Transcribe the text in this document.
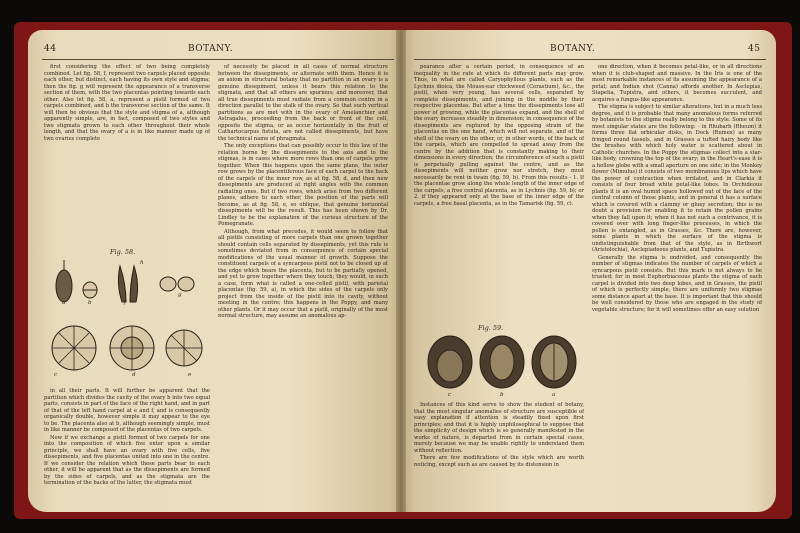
44	BOTANY.

first considering the effect of two being completely combined. Let fig. 58, f, represent two carpels placed opposite each other, but distinct, each having its own style and stigma; then the fig. g will represent the appearance of a transverse section of them, with the two placentas pointing towards each other. Also let fig. 58, a, represent a pistil formed of two carpels combined, and b the transverse section of the same. It will then be obvious that the style and stigma of a, although apparently simple, are, in fact, composed of two styles and two stigmata grown to each other throughout their whole length, and that the ovary of a is in like manner made up of two ovaries complete

Fig. 58.
a	b
c	d	e
f
g
h

in all their parts. It will further be apparent that the partition which divides the cavity of the ovary b into two equal parts, consists in part of the face of the right hand, and in part of that of the left hand carpel at e and f, and is consequently organically double, however simple it may appear to the eye to be. The placenta also at b, although seemingly simple, must in like manner be composed of the placentas of two carpels.

Now if we exchange a pistil formed of two carpels for one into the composition of which five enter upon a similar principle, we shall have an ovary with five cells, five dissepiments, and five placentas united into one in the centre. If we consider the relation which these parts bear to each other, it will be apparent that as the dissepiments are formed by the sides of carpels, and as the stigmata are the termination of the backs of the latter, the stigmata must

of necessity be placed in all cases of normal structure between the dissepiments, or alternate with them. Hence it is an axiom in structural botany that no partition in an ovary is a genuine dissepiment, unless it bears this relation to the stigmata, and that all others are spurious; and moreover, that all true dissepiments must radiate from a common centre in a direction parallel to the stalk of the ovary. So that such vertical partitions as are met with in the ovary of Amelanchier and Astragalus, proceeding from the back or front of the cell, opposite the stigma, or as occur horizontally in the fruit of Cathartocarpus fistula, are not called dissepiments, but have the technical name of phragmata.

The only exceptions that can possibly occur to this law of the relation borne by the dissepiments to the axis and to the stigmas, is in cases where more rows than one of carpels grow together. When this happens upon the same plane, the outer row grows by the placentiferous face of each carpel to the back of the carpels of the inner row, as at fig. 58, d, and then new dissepiments are produced at right angles with the common radiating ones. But if two rows, which arise from two different planes, adhere to each other, the position of the parts will become, as at fig. 58, e, so oblique, that genuine horizontal dissepiments will be the result. This has been shown by Dr. Lindley to be the explanation of the curious structure of the Pomegranate.

Although, from what precedes, it would seem to follow that all pistils consisting of more carpels than one grown together should contain cells separated by dissepiments, yet this rule is sometimes deviated from in consequence of certain special modifications of the usual manner of growth. Suppose the constituent carpels of a syncarpous pistil not to be closed up at the edge which bears the placenta, but to be partially opened, and yet to grow together where they touch; they would, in such a case, form what is called a one-celled pistil, with parietal placentae (fig. 59, a), in which the sides of the carpels only project from the inside of the pistil into its cavity, without meeting in the centre; this happens in the Poppy, and many other plants. Or it may occur that a pistil, originally of the most normal structure, may assume an anomalous ap-

BOTANY.	45

pearance after a certain period, in consequence of an inequality in the rate at which its different parts may grow. Thus, in what are called Caryophyllous plants, such as the Lychnis dioica, the Mouse-ear chickweed (Cerastium), &c., the pistil, when very young, has several cells, separated by complete dissepiments, and joining in the middle by their respective placentas. But after a time the dissepiments lose all power of growing, while the placentas expand, and the shell of the ovary increases steadily in dimension; in consequence of the dissepiments are ruptured by the opposing strain of the placentas on the one hand, which will not separate, and of the shell of the ovary on the other, or, in other words, of the back of the carpels, which are compelled to spread away from the centre by the addition that is constantly making to their dimensions in every direction; the circumference of such a pistil is perpetually pulling against the centre, and as the dissepiments will neither grow nor stretch, they must necessarily be rent in twain (fig. 59, b). From this results - 1. If the placentae grow along the whole length of the inner edge of the carpels, a free central placenta, as in Lychnis (fig. 59, b); or 2. if they appeared only at the base of the inner edge of the carpels, a free basal placenta, as in the Tamarisk (fig. 59, c).

Fig. 59.
c	b	a

Instances of this kind serve to show the student of botany, that the most singular anomalies of structure are susceptible of easy explanation if attention is steadily fixed upon first principles; and that it is highly unphilosophical to suppose that the simplicity of design which is so generally manifested in the works of nature, is departed from in certain special cases, merely because we may be unable rightly to understand them without reflection.

There are few modifications of the style which are worth noticing, except such as are caused by its distension in

one direction, when it becomes petal-like, or in all directions when it is club-shaped and massive. In the Iris is one of the most remarkable instances of its assuming the appearance of a petal; and Indian shot (Canna) affords another. In Asclepias, Stapelia, Tupistra, and others, it becomes succulent, and acquires a fungus-like appearance.

The stigma is subject to similar alterations, but in a much less degree, and it is probable that many anomalous forms referred by botanists to the stigma really belong to the style. Some of its most singular states are the following: - in Rhubarb (Rheum) it forms three flat orbicular disks, in Dock (Rumex) as many fringed round tassels, and in Grasses a tufted hairy body like the brushes with which holy water is scattered about in Catholic churches. In the Poppy the stigmas collect into a star-like body, crowning the top of the ovary; in the Heart's-ease it is a hollow globe with a small aperture on one side; in the Monkey flower (Mimulus) it consists of two membranous lips which have the power of contraction when irritated, and in Clarkia it consists of four broad white petal-like lobes. In Orchideous plants it is an oval humid space hollowed out of the face of the central column of those plants, and in general it has a surface which is covered with a clammy or gluey secretion; this is no doubt a provision for enabling it to retain the pollen grains when they fall upon it; when it has not such a contrivance, it is covered over with long finger-like processes, in which the pollen is entangled, as in Grasses, &c. There are, however, some plants in which the surface of the stigma is undistinguishable from that of the style, as in Birthwort (Aristolochia), Asclepiadeous plants, and Tupistra.

Generally the stigma is undivided, and consequently the number of stigmas indicates the number of carpels of which a syncarpous pistil consists. But this mark is not always to be trusted; for in most Euphorbiaceous plants the stigma of each carpel is divided into two deep lobes, and in Grasses, the pistil of which is perfectly simple, there are uniformly two stigmas some distance apart at the base. It is important that this should be well considered by those who are engaged in the study of vegetable structure; for it will sometimes offer an easy solution
